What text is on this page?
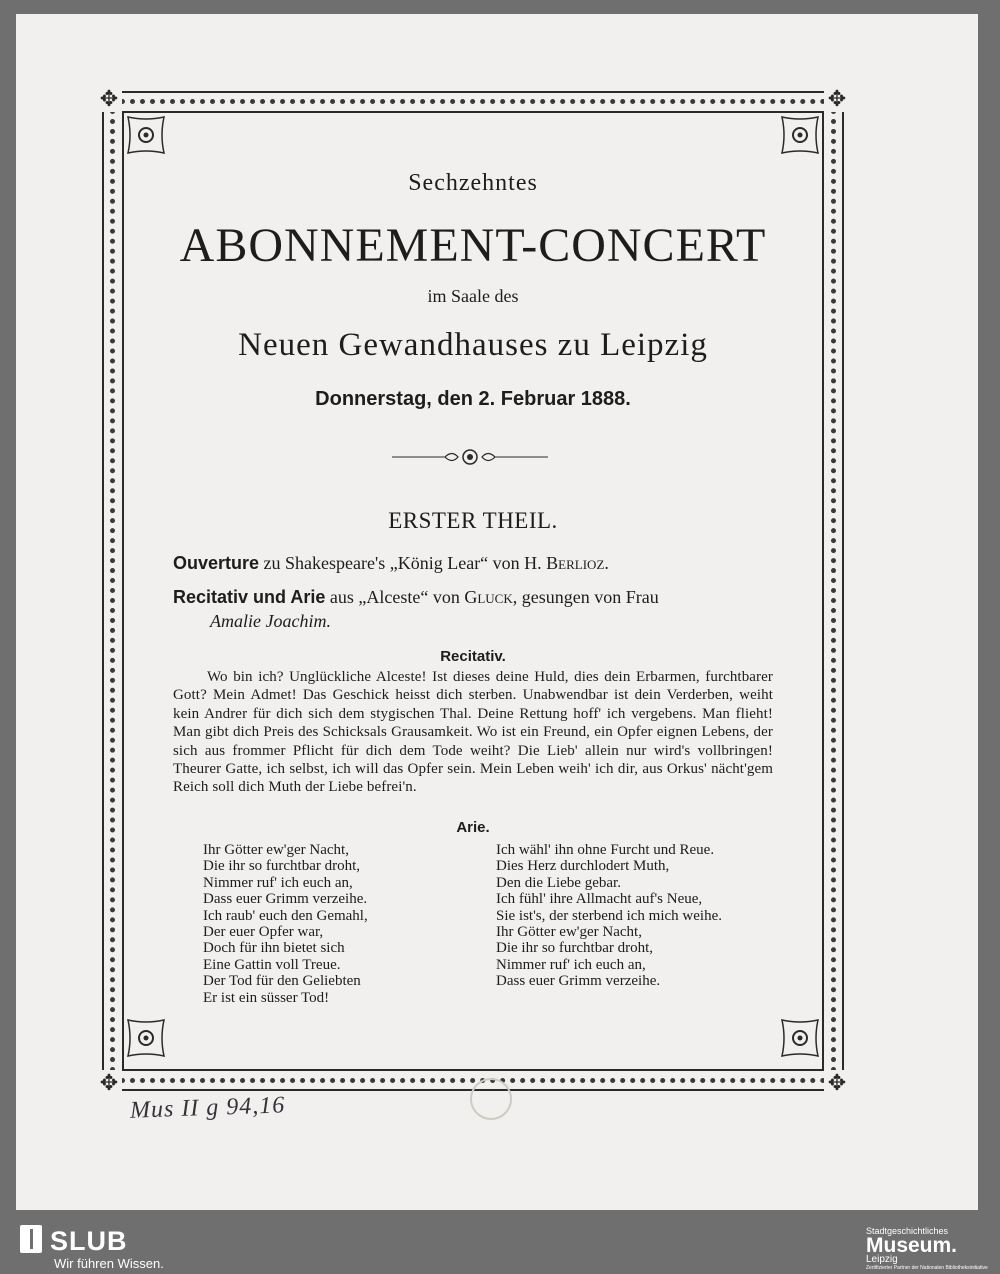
✥	✥
✥	✥
Sechzehntes
ABONNEMENT-CONCERT
im Saale des
Neuen Gewandhauses zu Leipzig
Donnerstag, den 2. Februar 1888.
ERSTER THEIL.
Ouverture zu Shakespeare's „König Lear“ von H. Berlioz.
Recitativ und Arie aus „Alceste“ von Gluck, gesungen von Frau
Amalie Joachim.
Recitativ.
Wo bin ich? Unglückliche Alceste! Ist dieses deine Huld, dies dein Erbarmen, furchtbarer Gott? Mein Admet! Das Geschick heisst dich sterben. Unabwendbar ist dein Verderben, weiht kein Andrer für dich sich dem stygischen Thal. Deine Rettung hoff' ich vergebens. Man flieht! Man gibt dich Preis des Schicksals Grausamkeit. Wo ist ein Freund, ein Opfer eignen Lebens, der sich aus frommer Pflicht für dich dem Tode weiht? Die Lieb' allein nur wird's vollbringen! Theurer Gatte, ich selbst, ich will das Opfer sein. Mein Leben weih' ich dir, aus Orkus' nächt'gem Reich soll dich Muth der Liebe befrei'n.
Arie.
Ihr Götter ew'ger Nacht,
Die ihr so furchtbar droht,
Nimmer ruf' ich euch an,
Dass euer Grimm verzeihe.
Ich raub' euch den Gemahl,
Der euer Opfer war,
Doch für ihn bietet sich
Eine Gattin voll Treue.
Der Tod für den Geliebten
Er ist ein süsser Tod!
Ich wähl' ihn ohne Furcht und Reue.
Dies Herz durchlodert Muth,
Den die Liebe gebar.
Ich fühl' ihre Allmacht auf's Neue,
Sie ist's, der sterbend ich mich weihe.
Ihr Götter ew'ger Nacht,
Die ihr so furchtbar droht,
Nimmer ruf' ich euch an,
Dass euer Grimm verzeihe.
Mus II g 94,16
SLUB
Wir führen Wissen.
Stadtgeschichtliches
Museum.
Leipzig
Zertifizierter Partner der Nationalen Bibliotheksinitiative
